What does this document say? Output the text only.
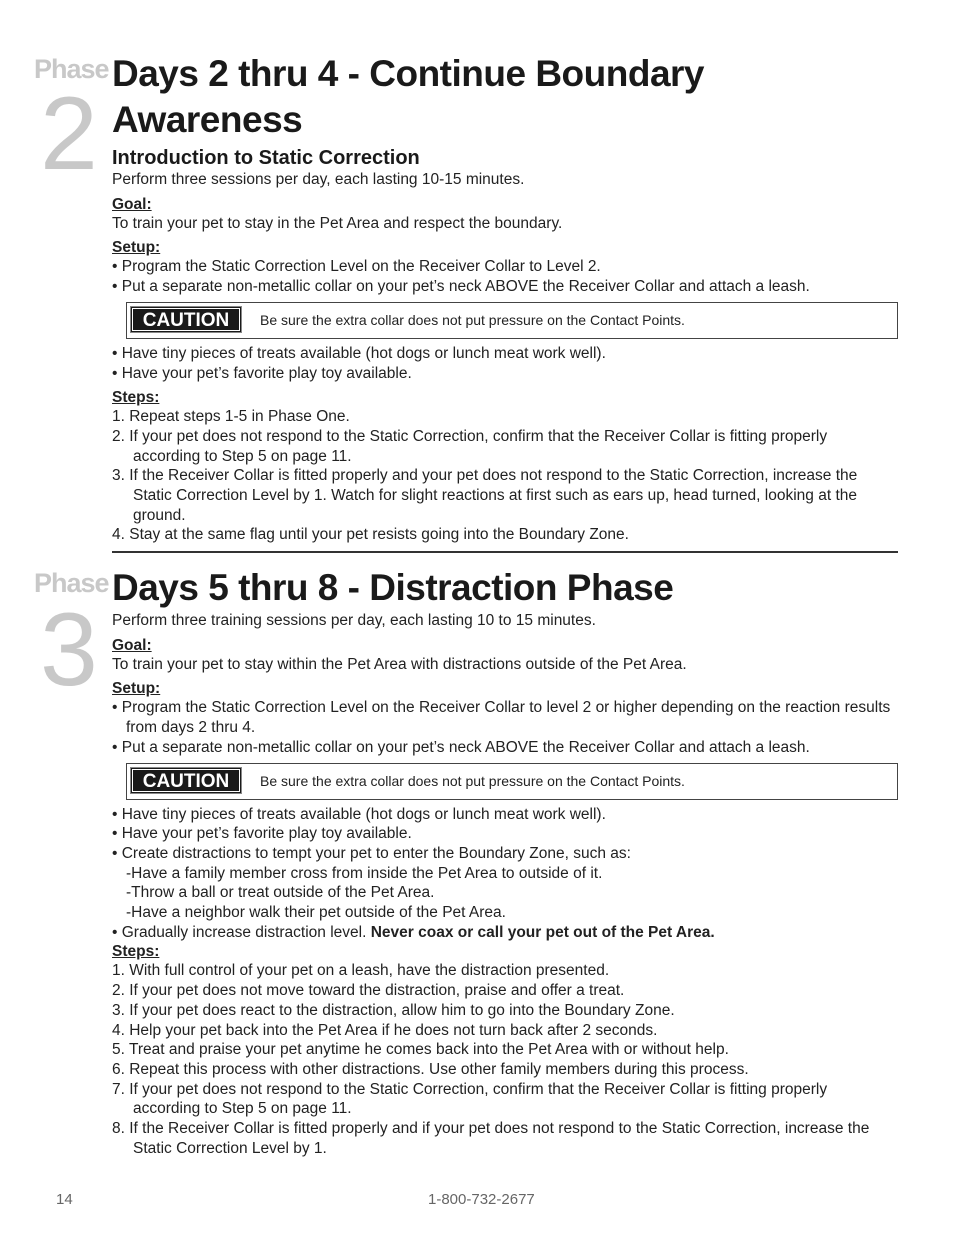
Phase
2
Days 2 thru 4 - Continue Boundary Awareness
Introduction to Static Correction

Perform three sessions per day, each lasting 10-15 minutes.

Goal:

To train your pet to stay in the Pet Area and respect the boundary.

Setup:

• Program the Static Correction Level on the Receiver Collar to Level 2.

• Put a separate non-metallic collar on your pet’s neck ABOVE the Receiver Collar and attach a leash.

CAUTION	Be sure the extra collar does not put pressure on the Contact Points.

• Have tiny pieces of treats available (hot dogs or lunch meat work well).

• Have your pet’s favorite play toy available.

Steps:

1. Repeat steps 1-5 in Phase One.

2. If your pet does not respond to the Static Correction, confirm that the Receiver Collar is fitting properly according to Step 5 on page 11.

3. If the Receiver Collar is fitted properly and your pet does not respond to the Static Correction, increase the Static Correction Level by 1. Watch for slight reactions at first such as ears up, head turned, looking at the ground.

4. Stay at the same flag until your pet resists going into the Boundary Zone.

Phase
3
Days 5 thru 8 - Distraction Phase

Perform three training sessions per day, each lasting 10 to 15 minutes.

Goal:

To train your pet to stay within the Pet Area with distractions outside of the Pet Area.

Setup:

• Program the Static Correction Level on the Receiver Collar to level 2 or higher depending on the reaction results from days 2 thru 4.

• Put a separate non-metallic collar on your pet’s neck ABOVE the Receiver Collar and attach a leash.

CAUTION	Be sure the extra collar does not put pressure on the Contact Points.

• Have tiny pieces of treats available (hot dogs or lunch meat work well).

• Have your pet’s favorite play toy available.

• Create distractions to tempt your pet to enter the Boundary Zone, such as:

-Have a family member cross from inside the Pet Area to outside of it.

-Throw a ball or treat outside of the Pet Area.

-Have a neighbor walk their pet outside of the Pet Area.

• Gradually increase distraction level. Never coax or call your pet out of the Pet Area.

Steps:

1. With full control of your pet on a leash, have the distraction presented.

2. If your pet does not move toward the distraction, praise and offer a treat.

3. If your pet does react to the distraction, allow him to go into the Boundary Zone.

4. Help your pet back into the Pet Area if he does not turn back after 2 seconds.

5. Treat and praise your pet anytime he comes back into the Pet Area with or without help.

6. Repeat this process with other distractions. Use other family members during this process.

7. If your pet does not respond to the Static Correction, confirm that the Receiver Collar is fitting properly according to Step 5 on page 11.

8. If the Receiver Collar is fitted properly and if your pet does not respond to the Static Correction, increase the Static Correction Level by 1.

14	1-800-732-2677
